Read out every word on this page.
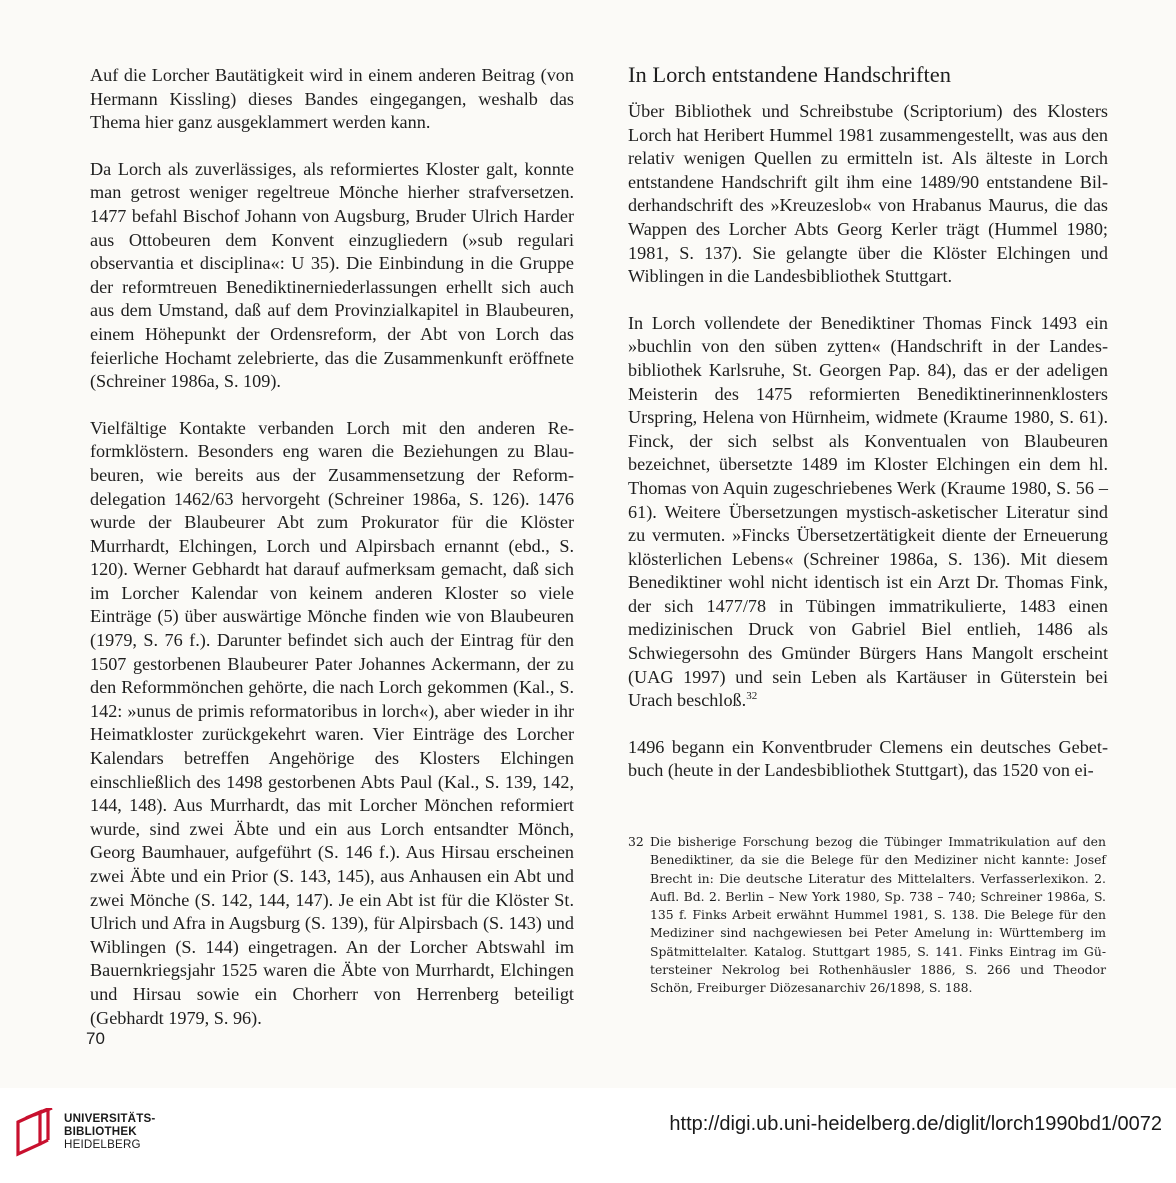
Auf die Lorcher Bautätigkeit wird in einem anderen Beitrag (von Hermann Kissling) dieses Bandes eingegangen, weshalb das Thema hier ganz ausgeklammert werden kann.

Da Lorch als zuverlässiges, als reformiertes Kloster galt, konnte man getrost weniger regeltreue Mönche hierher strafversetzen. 1477 befahl Bischof Johann von Augsburg, Bruder Ulrich Harder aus Ottobeuren dem Konvent einzugliedern (»sub regulari observantia et disciplina«: U 35). Die Einbindung in die Gruppe der reformtreuen Benediktinerniederlassungen erhellt sich auch aus dem Umstand, daß auf dem Provinzialkapitel in Blaubeuren, einem Höhepunkt der Ordensreform, der Abt von Lorch das feierliche Hochamt zelebrierte, das die Zusammenkunft eröffnete (Schreiner 1986a, S. 109).

Vielfältige Kontakte verbanden Lorch mit den anderen Reformklöstern. Besonders eng waren die Beziehungen zu Blaubeuren, wie bereits aus der Zusammensetzung der Reformdelegation 1462/63 hervorgeht (Schreiner 1986a, S. 126). 1476 wurde der Blaubeurer Abt zum Prokurator für die Klöster Murrhardt, Elchingen, Lorch und Alpirsbach ernannt (ebd., S. 120). Werner Gebhardt hat darauf aufmerksam gemacht, daß sich im Lorcher Kalendar von keinem anderen Kloster so viele Einträge (5) über auswärtige Mönche finden wie von Blaubeuren (1979, S. 76 f.). Darunter befindet sich auch der Eintrag für den 1507 gestorbenen Blaubeurer Pater Johannes Ackermann, der zu den Reformmönchen gehörte, die nach Lorch gekommen (Kal., S. 142: »unus de primis reformatoribus in lorch«), aber wieder in ihr Heimatkloster zurückgekehrt waren. Vier Einträge des Lorcher Kalendars betreffen Angehörige des Klosters Elchingen einschließlich des 1498 gestorbenen Abts Paul (Kal., S. 139, 142, 144, 148). Aus Murrhardt, das mit Lorcher Mönchen reformiert wurde, sind zwei Äbte und ein aus Lorch entsandter Mönch, Georg Baumhauer, aufgeführt (S. 146 f.). Aus Hirsau erscheinen zwei Äbte und ein Prior (S. 143, 145), aus Anhausen ein Abt und zwei Mönche (S. 142, 144, 147). Je ein Abt ist für die Klöster St. Ulrich und Afra in Augsburg (S. 139), für Alpirsbach (S. 143) und Wiblingen (S. 144) eingetragen. An der Lorcher Abtswahl im Bauernkriegsjahr 1525 waren die Äbte von Murrhardt, Elchingen und Hirsau sowie ein Chorherr von Herrenberg beteiligt (Gebhardt 1979, S. 96).

In Lorch entstandene Handschriften

Über Bibliothek und Schreibstube (Scriptorium) des Klosters Lorch hat Heribert Hummel 1981 zusammengestellt, was aus den relativ wenigen Quellen zu ermitteln ist. Als älteste in Lorch entstandene Handschrift gilt ihm eine 1489/90 entstandene Bilderhandschrift des »Kreuzeslob« von Hrabanus Maurus, die das Wappen des Lorcher Abts Georg Kerler trägt (Hummel 1980; 1981, S. 137). Sie gelangte über die Klöster Elchingen und Wiblingen in die Landesbibliothek Stuttgart.

In Lorch vollendete der Benediktiner Thomas Finck 1493 ein »buchlin von den süben zytten« (Handschrift in der Landesbibliothek Karlsruhe, St. Georgen Pap. 84), das er der adeligen Meisterin des 1475 reformierten Benediktinerinnenklosters Urspring, Helena von Hürnheim, widmete (Kraume 1980, S. 61). Finck, der sich selbst als Konventualen von Blaubeuren bezeichnet, übersetzte 1489 im Kloster Elchingen ein dem hl. Thomas von Aquin zugeschriebenes Werk (Kraume 1980, S. 56 – 61). Weitere Übersetzungen mystisch-asketischer Literatur sind zu vermuten. »Fincks Übersetzertätigkeit diente der Erneuerung klösterlichen Lebens« (Schreiner 1986a, S. 136). Mit diesem Benediktiner wohl nicht identisch ist ein Arzt Dr. Thomas Fink, der sich 1477/78 in Tübingen immatrikulierte, 1483 einen medizinischen Druck von Gabriel Biel entlieh, 1486 als Schwiegersohn des Gmünder Bürgers Hans Mangolt erscheint (UAG 1997) und sein Leben als Kartäuser in Güterstein bei Urach beschloß.$^{32}$

1496 begann ein Konventbruder Clemens ein deutsches Gebetbuch (heute in der Landesbibliothek Stuttgart), das 1520 von ei-

32 Die bisherige Forschung bezog die Tübinger Immatrikulation auf den Benediktiner, da sie die Belege für den Mediziner nicht kannte: Josef Brecht in: Die deutsche Literatur des Mittelalters. Verfasserlexikon. 2. Aufl. Bd. 2. Berlin – New York 1980, Sp. 738 – 740; Schreiner 1986a, S. 135 f. Finks Arbeit erwähnt Hummel 1981, S. 138. Die Belege für den Mediziner sind nachgewiesen bei Peter Amelung in: Württemberg im Spätmittelalter. Katalog. Stuttgart 1985, S. 141. Finks Eintrag im Gütersteiner Nekrolog bei Rothenhäusler 1886, S. 266 und Theodor Schön, Freiburger Diözesanarchiv 26/1898, S. 188.
70
UNIVERSITÄTS-
BIBLIOTHEK
HEIDELBERG
http://digi.ub.uni-heidelberg.de/diglit/lorch1990bd1/0072
